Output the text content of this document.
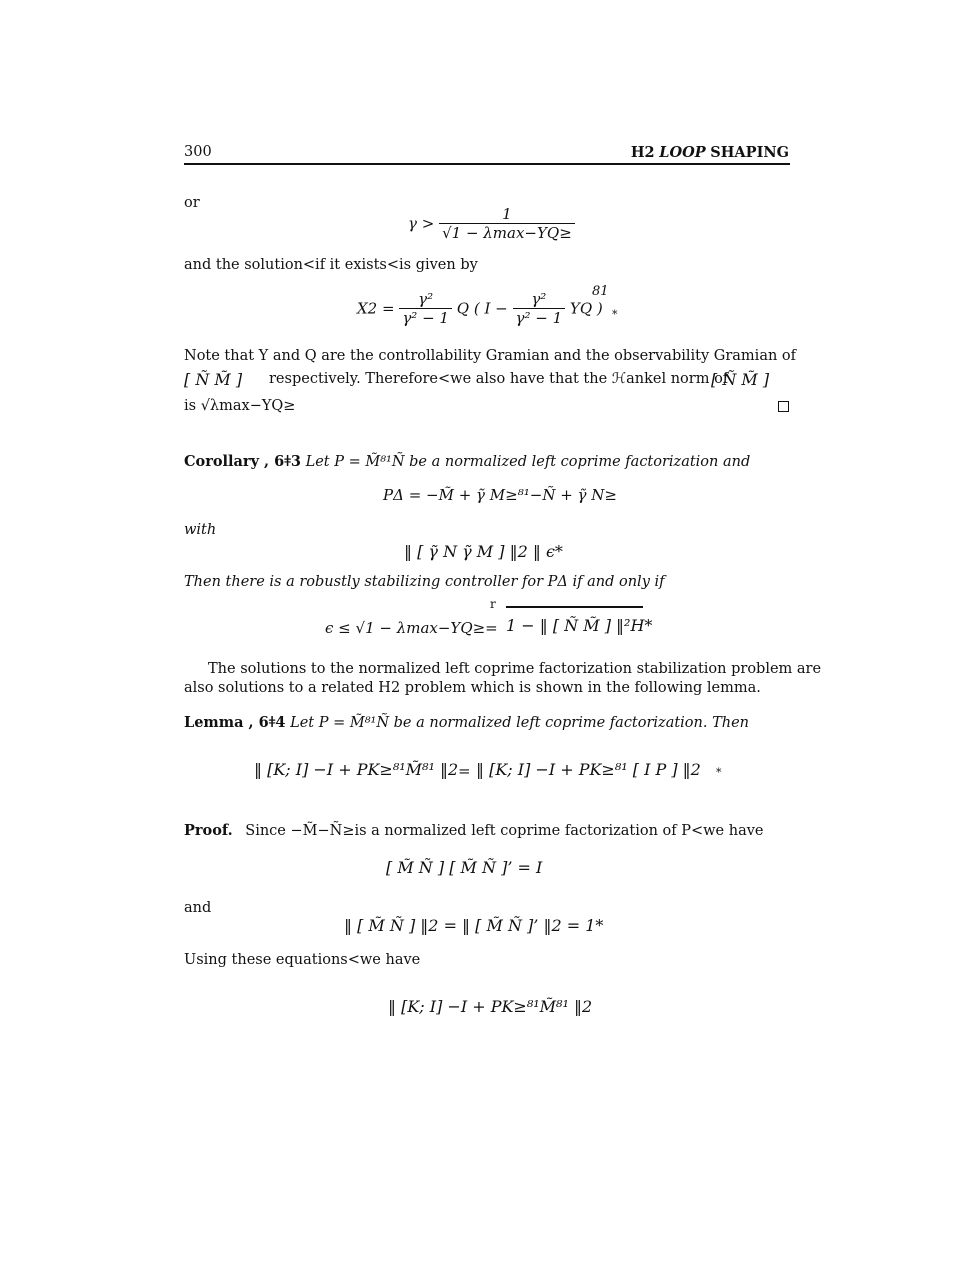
300	H2 LOOP SHAPING
or
$\gamma > \frac{1}{√1 - \lambda\max-YQ\ge}$
and the solution<if it exists<is given by
$X2 = \frac{\text{γ²}}{\text{γ² − 1}}$ Q ( $I - \frac{\text{γ²}}{\text{γ² − 1}}$ YQ )
81
*
Note that Y and Q are the controllability Gramian and the observability Gramian of
[ Ñ M̃ ] respectively. Therefore<we also have that the ℋankel norm of
[ Ñ M̃ ]
is √λmax−YQ≥
Corollary , 6ǂ3 Let P = M̃⁸¹Ñ be a normalized left coprime factorization and
PΔ = −M̃ + γ̃ M≥⁸¹−Ñ + γ̃ N≥
with
‖ [ γ̃ N γ̃ M ] ‖2 ‖ ϵ*
Then there is a robustly stabilizing controller for PΔ if and only if
ϵ ≤ √1 − λmax−YQ≥=
r
1 − ‖ [ Ñ M̃ ] ‖²H*
The solutions to the normalized left coprime factorization stabilization problem are
also solutions to a related H2 problem which is shown in the following lemma.
Lemma , 6ǂ4 Let P = M̃⁸¹Ñ be a normalized left coprime factorization. Then
‖ [K; I] −I + PK≥⁸¹M̃⁸¹ ‖2 = ‖ [K; I] −I + PK≥⁸¹ [ I P ] ‖2 *
Proof. Since −M̃−Ñ≥is a normalized left coprime factorization of P<we have
[ M̃ Ñ ] [ M̃ Ñ ]’ = I
and
‖ [ M̃ Ñ ] ‖2 = ‖ [ M̃ Ñ ]’ ‖2 = 1*
Using these equations<we have
‖ [K; I] −I + PK≥⁸¹M̃⁸¹ ‖2
